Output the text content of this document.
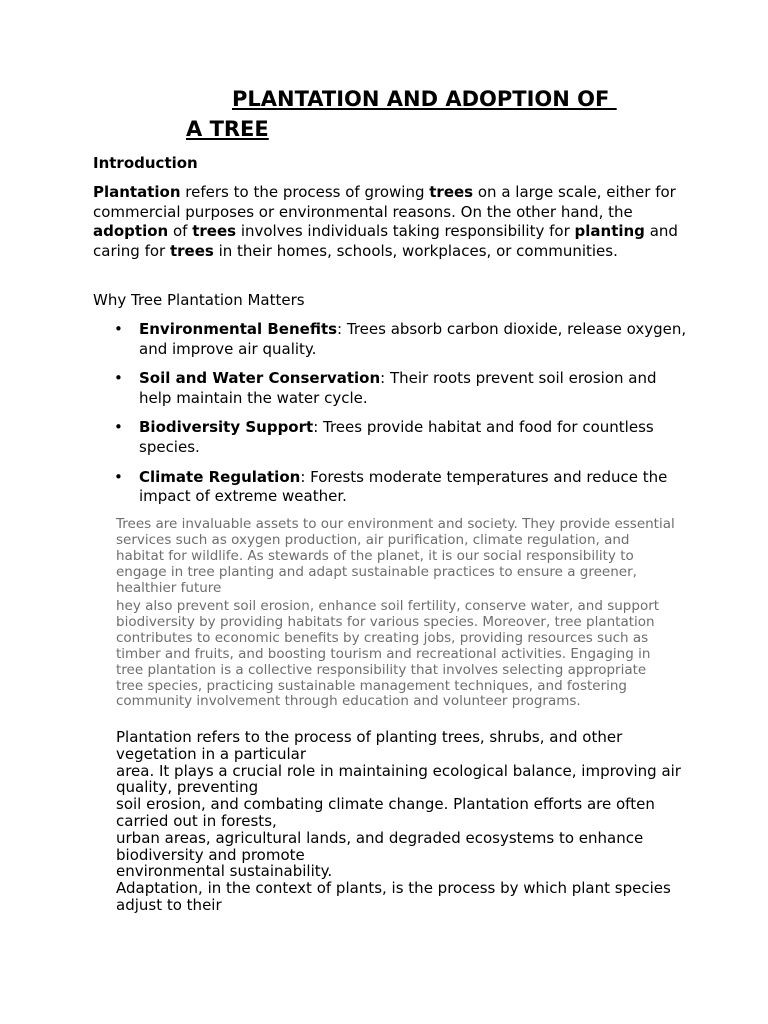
PLANTATION AND ADOPTION OF
A TREE
Introduction

Plantation refers to the process of growing trees on a large scale, either for commercial purposes or environmental reasons. On the other hand, the adoption of trees involves individuals taking responsibility for planting and caring for trees in their homes, schools, workplaces, or communities.

Why Tree Plantation Matters

• Environmental Benefits: Trees absorb carbon dioxide, release oxygen, and improve air quality.
• Soil and Water Conservation: Their roots prevent soil erosion and help maintain the water cycle.
• Biodiversity Support: Trees provide habitat and food for countless species.
• Climate Regulation: Forests moderate temperatures and reduce the impact of extreme weather.

Trees are invaluable assets to our environment and society. They provide essential services such as oxygen production, air purification, climate regulation, and habitat for wildlife. As stewards of the planet, it is our social responsibility to engage in tree planting and adapt sustainable practices to ensure a greener, healthier future

hey also prevent soil erosion, enhance soil fertility, conserve water, and support biodiversity by providing habitats for various species. Moreover, tree plantation contributes to economic benefits by creating jobs, providing resources such as timber and fruits, and boosting tourism and recreational activities. Engaging in tree plantation is a collective responsibility that involves selecting appropriate tree species, practicing sustainable management techniques, and fostering community involvement through education and volunteer programs.

Plantation refers to the process of planting trees, shrubs, and other vegetation in a particular
area. It plays a crucial role in maintaining ecological balance, improving air quality, preventing
soil erosion, and combating climate change. Plantation efforts are often carried out in forests,
urban areas, agricultural lands, and degraded ecosystems to enhance biodiversity and promote
environmental sustainability.
Adaptation, in the context of plants, is the process by which plant species adjust to their
